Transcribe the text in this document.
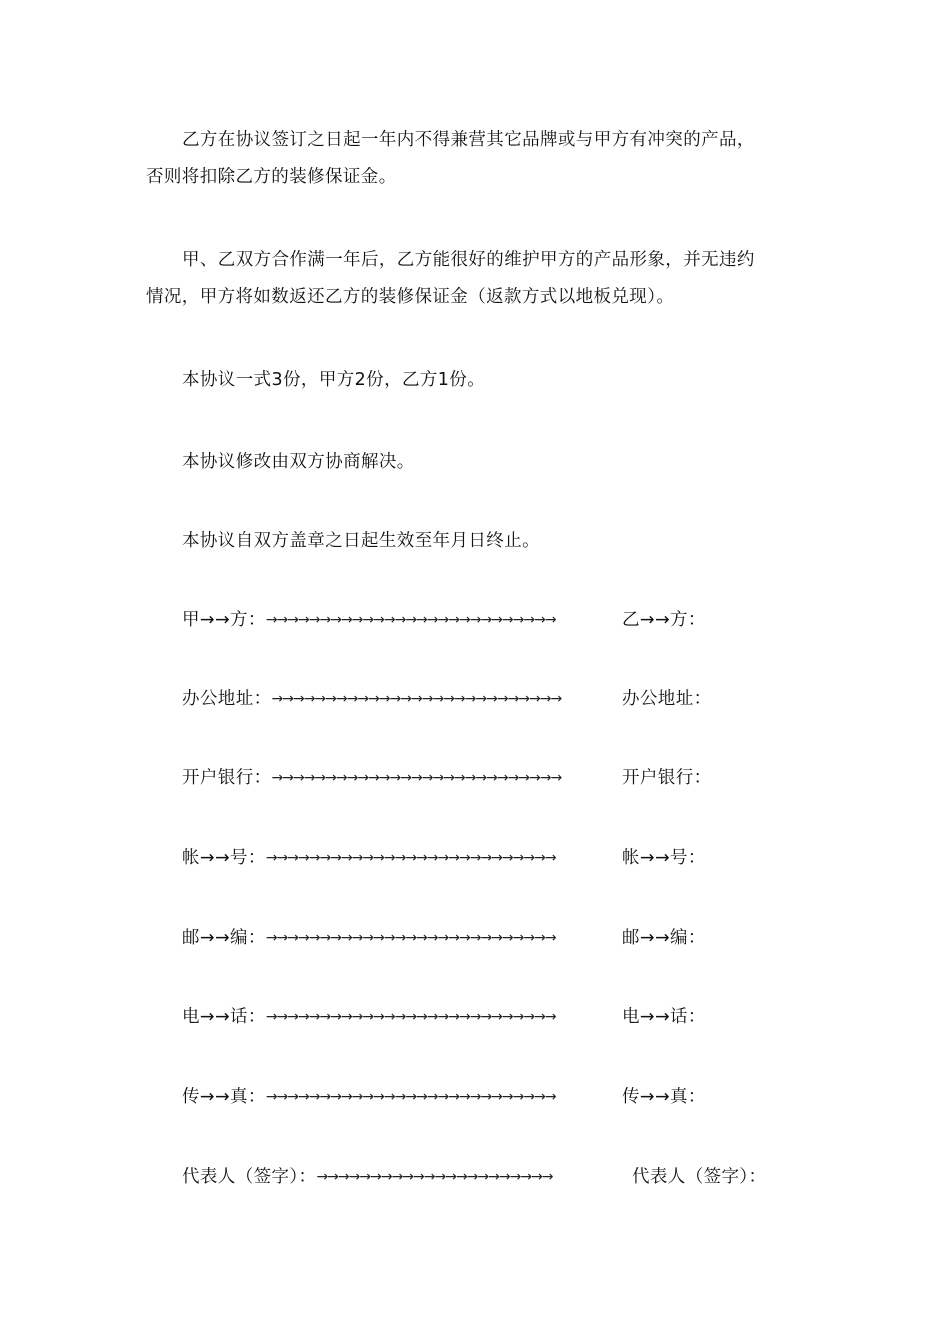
乙方在协议签订之日起一年内不得兼营其它品牌或与甲方有冲突的产品，
否则将扣除乙方的装修保证金。

甲、乙双方合作满一年后，乙方能很好的维护甲方的产品形象，并无违约
情况，甲方将如数返还乙方的装修保证金（返款方式以地板兑现）。

本协议一式3份，甲方2份，乙方1份。

本协议修改由双方协商解决。

本协议自双方盖章之日起生效至年月日终止。

甲→→方：→→→→→→→→→→→→→→→→→→→→→→→→→→→	乙→→方：
办公地址：→→→→→→→→→→→→→→→→→→→→→→→→→→→	办公地址：
开户银行：→→→→→→→→→→→→→→→→→→→→→→→→→→→	开户银行：
帐→→号：→→→→→→→→→→→→→→→→→→→→→→→→→→→	帐→→号：
邮→→编：→→→→→→→→→→→→→→→→→→→→→→→→→→→	邮→→编：
电→→话：→→→→→→→→→→→→→→→→→→→→→→→→→→→	电→→话：
传→→真：→→→→→→→→→→→→→→→→→→→→→→→→→→→	传→→真：
代表人（签字）：→→→→→→→→→→→→→→→→→→→→→→	代表人（签字）：
